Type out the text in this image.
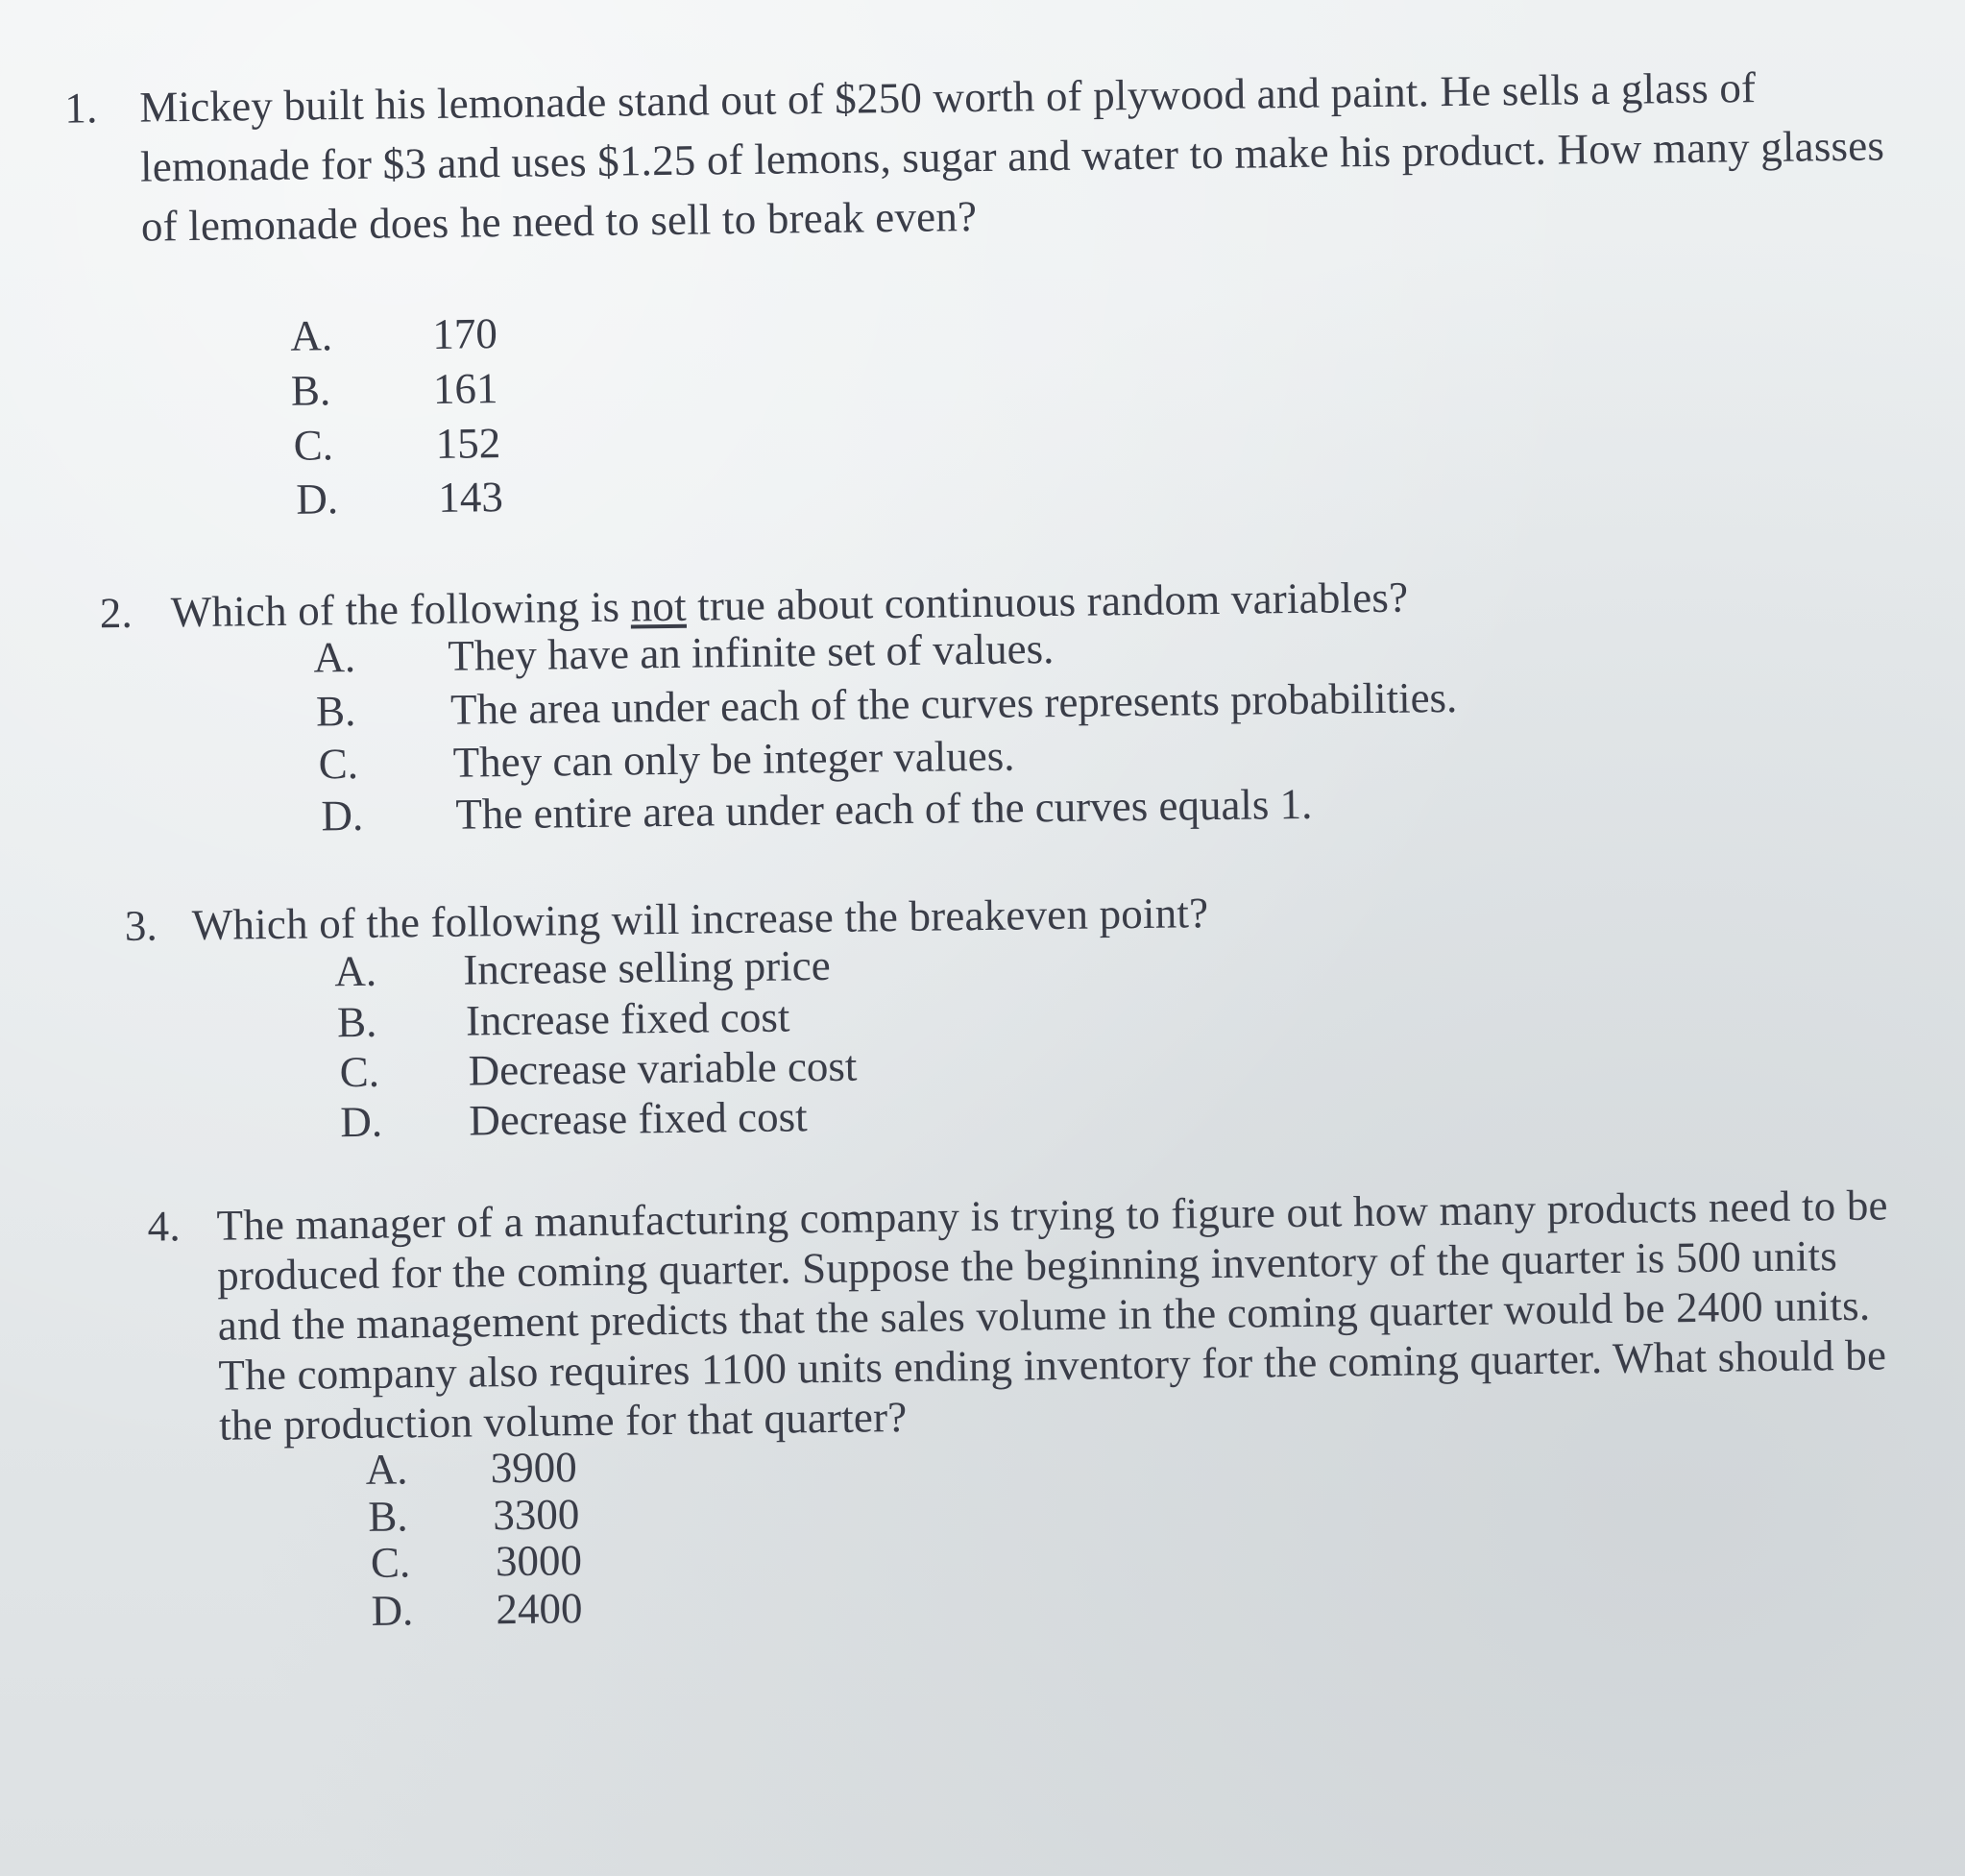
1. Mickey built his lemonade stand out of $250 worth of plywood and paint. He sells a glass of lemonade for $3 and uses $1.25 of lemons, sugar and water to make his product. How many glasses of lemonade does he need to sell to break even?
A. 170
B. 161
C. 152
D. 143
2. Which of the following is not true about continuous random variables?
A. They have an infinite set of values.
B. The area under each of the curves represents probabilities.
C. They can only be integer values.
D. The entire area under each of the curves equals 1.
3. Which of the following will increase the breakeven point?
A. Increase selling price
B. Increase fixed cost
C. Decrease variable cost
D. Decrease fixed cost
4. The manager of a manufacturing company is trying to figure out how many products need to be produced for the coming quarter. Suppose the beginning inventory of the quarter is 500 units and the management predicts that the sales volume in the coming quarter would be 2400 units. The company also requires 1100 units ending inventory for the coming quarter. What should be the production volume for that quarter?
A. 3900
B. 3300
C. 3000
D. 2400
